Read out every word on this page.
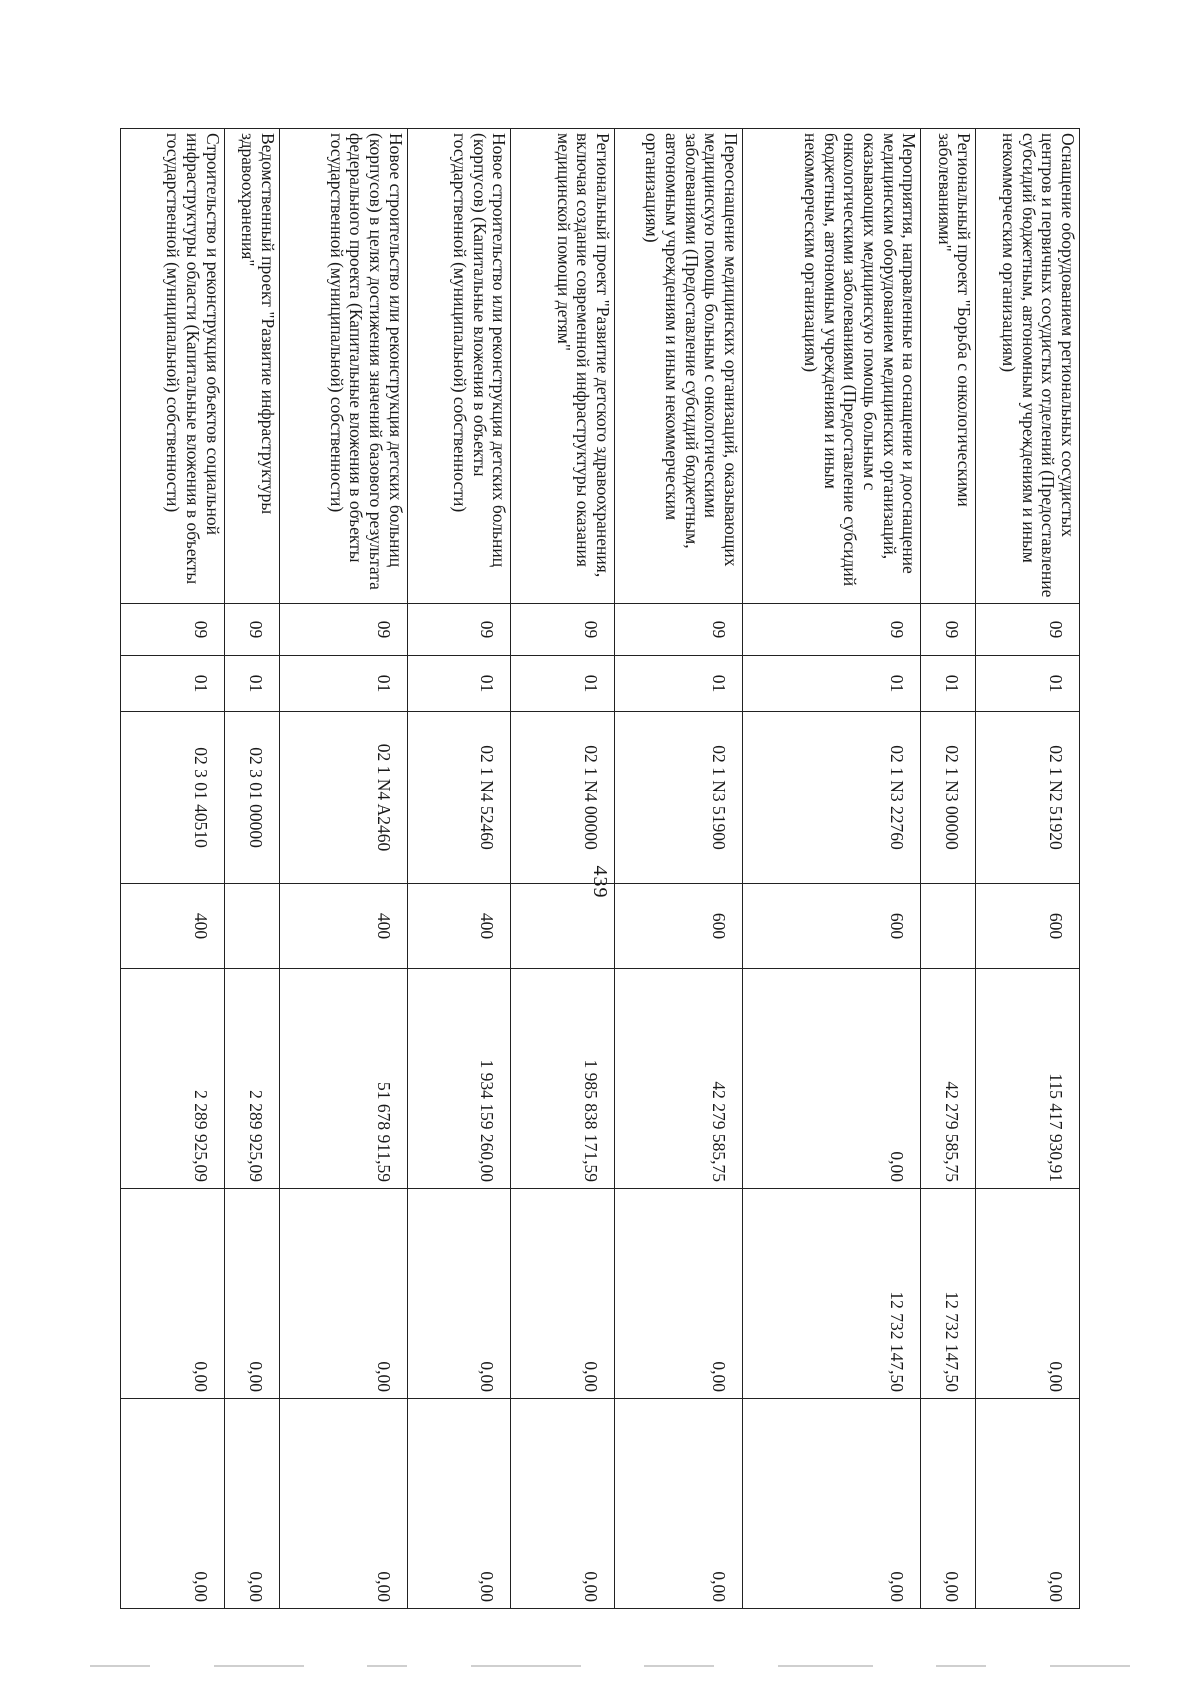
439
Оснащение оборудованием региональных сосудистых центров и первичных сосудистых отделений (Предоставление субсидий бюджетным, автономным учреждениям и иным некоммерческим организациям)	09	01	02 1 N2 51920	600	115 417 930,91	0,00	0,00
Региональный проект "Борьба с онкологическими заболеваниями"	09	01	02 1 N3 00000		42 279 585,75	12 732 147,50	0,00
Мероприятия, направленные на оснащение и дооснащение медицинским оборудованием медицинских организаций, оказывающих медицинскую помощь больным с онкологическими заболеваниями (Предоставление субсидий бюджетным, автономным учреждениям и иным некоммерческим организациям)	09	01	02 1 N3 22760	600	0,00	12 732 147,50	0,00
Переоснащение медицинских организаций, оказывающих медицинскую помощь больным с онкологическими заболеваниями (Предоставление субсидий бюджетным, автономным учреждениям и иным некоммерческим организациям)	09	01	02 1 N3 51900	600	42 279 585,75	0,00	0,00
Региональный проект "Развитие детского здравоохранения, включая создание современной инфраструктуры оказания медицинской помощи детям"	09	01	02 1 N4 00000		1 985 838 171,59	0,00	0,00
Новое строительство или реконструкция детских больниц (корпусов) (Капитальные вложения в объекты государственной (муниципальной) собственности)	09	01	02 1 N4 52460	400	1 934 159 260,00	0,00	0,00
Новое строительство или реконструкция детских больниц (корпусов) в целях достижения значений базового результата федерального проекта (Капитальные вложения в объекты государственной (муниципальной) собственности)	09	01	02 1 N4 A2460	400	51 678 911,59	0,00	0,00
Ведомственный проект "Развитие инфраструктуры здравоохранения"	09	01	02 3 01 00000		2 289 925,09	0,00	0,00
Строительство и реконструкция объектов социальной инфраструктуры области (Капитальные вложения в объекты государственной (муниципальной) собственности)	09	01	02 3 01 40510	400	2 289 925,09	0,00	0,00
